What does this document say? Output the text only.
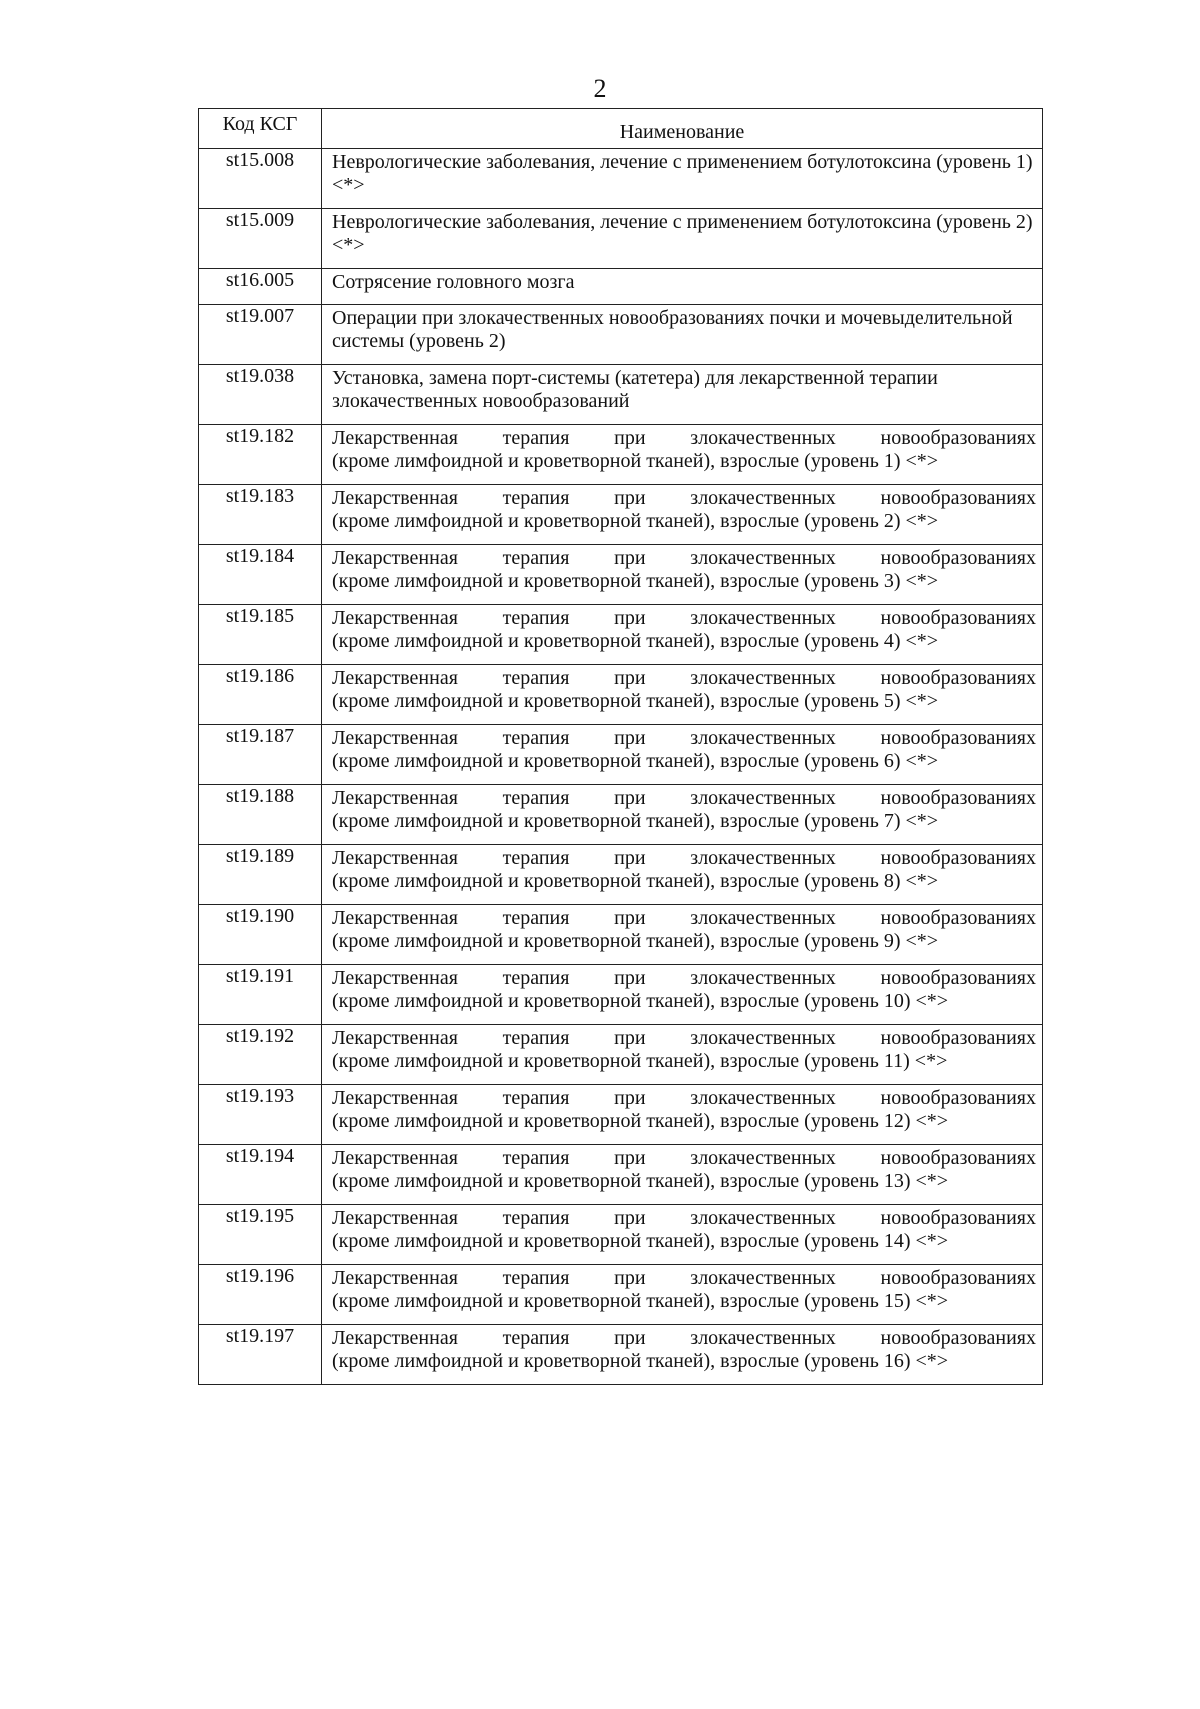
2
Код КСГ	Наименование
st15.008	Неврологические заболевания, лечение с применением ботулотоксина (уровень 1) <*>
st15.009	Неврологические заболевания, лечение с применением ботулотоксина (уровень 2) <*>
st16.005	Сотрясение головного мозга
st19.007	Операции при злокачественных новообразованиях почки и мочевыделительной системы (уровень 2)
st19.038	Установка, замена порт-системы (катетера) для лекарственной терапии злокачественных новообразований
st19.182	Лекарственная терапия при злокачественных новообразованиях
(кроме лимфоидной и кроветворной тканей), взрослые (уровень 1) <*>
st19.183	Лекарственная терапия при злокачественных новообразованиях
(кроме лимфоидной и кроветворной тканей), взрослые (уровень 2) <*>
st19.184	Лекарственная терапия при злокачественных новообразованиях
(кроме лимфоидной и кроветворной тканей), взрослые (уровень 3) <*>
st19.185	Лекарственная терапия при злокачественных новообразованиях
(кроме лимфоидной и кроветворной тканей), взрослые (уровень 4) <*>
st19.186	Лекарственная терапия при злокачественных новообразованиях
(кроме лимфоидной и кроветворной тканей), взрослые (уровень 5) <*>
st19.187	Лекарственная терапия при злокачественных новообразованиях
(кроме лимфоидной и кроветворной тканей), взрослые (уровень 6) <*>
st19.188	Лекарственная терапия при злокачественных новообразованиях
(кроме лимфоидной и кроветворной тканей), взрослые (уровень 7) <*>
st19.189	Лекарственная терапия при злокачественных новообразованиях
(кроме лимфоидной и кроветворной тканей), взрослые (уровень 8) <*>
st19.190	Лекарственная терапия при злокачественных новообразованиях
(кроме лимфоидной и кроветворной тканей), взрослые (уровень 9) <*>
st19.191	Лекарственная терапия при злокачественных новообразованиях
(кроме лимфоидной и кроветворной тканей), взрослые (уровень 10) <*>
st19.192	Лекарственная терапия при злокачественных новообразованиях
(кроме лимфоидной и кроветворной тканей), взрослые (уровень 11) <*>
st19.193	Лекарственная терапия при злокачественных новообразованиях
(кроме лимфоидной и кроветворной тканей), взрослые (уровень 12) <*>
st19.194	Лекарственная терапия при злокачественных новообразованиях
(кроме лимфоидной и кроветворной тканей), взрослые (уровень 13) <*>
st19.195	Лекарственная терапия при злокачественных новообразованиях
(кроме лимфоидной и кроветворной тканей), взрослые (уровень 14) <*>
st19.196	Лекарственная терапия при злокачественных новообразованиях
(кроме лимфоидной и кроветворной тканей), взрослые (уровень 15) <*>
st19.197	Лекарственная терапия при злокачественных новообразованиях
(кроме лимфоидной и кроветворной тканей), взрослые (уровень 16) <*>
